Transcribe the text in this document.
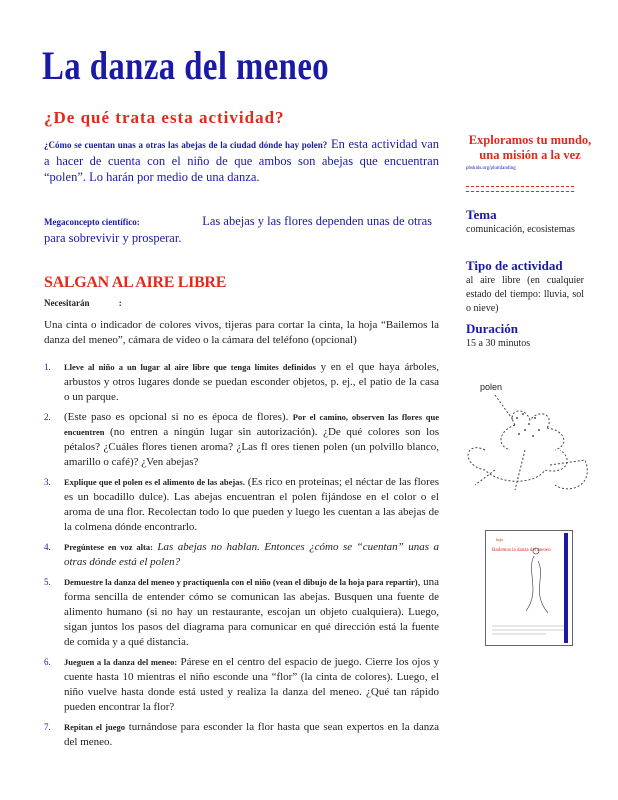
La danza del meneo
¿De qué trata esta actividad?
¿Cómo se cuentan unas a otras las abejas de la ciudad dónde hay polen? En esta actividad van a hacer de cuenta con el niño de que ambos son abejas que encuentran “polen”. Lo harán por medio de una danza.
Megaconcepto científico:	Las abejas y las flores dependen unas de otras para sobrevivir y prosperar.
SALGAN AL AIRE LIBRE
Necesitarán	:
Una cinta o indicador de colores vivos, tijeras para cortar la cinta, la hoja “Bailemos la danza del meneo”, cámara de video o la cámara del teléfono (opcional)
1. Lleve al niño a un lugar al aire libre que tenga límites definidos y en el que haya árboles, arbustos y otros lugares donde se puedan esconder objetos, p. ej., el patio de la casa o un parque.
2. (Este paso es opcional si no es época de flores). Por el camino, observen las flores que encuentren (no entren a ningún lugar sin autorización). ¿De qué colores son los pétalos? ¿Cuáles flores tienen aroma? ¿Las fl ores tienen polen (un polvillo blanco, amarillo o café)? ¿Ven abejas?
3. Explique que el polen es el alimento de las abejas. (Es rico en proteínas; el néctar de las flores es un bocadillo dulce). Las abejas encuentran el polen fijándose en el color o el aroma de una flor. Recolectan todo lo que pueden y luego les cuentan a las abejas de la colmena dónde encontrarlo.
4. Pregúntese en voz alta: Las abejas no hablan. Entonces ¿cómo se “cuentan” unas a otras dónde está el polen?
5. Demuestre la danza del meneo y practíquenla con el niño (vean el dibujo de la hoja para repartir), una forma sencilla de entender cómo se comunican las abejas. Busquen una fuente de alimento humano (si no hay un restaurante, escojan un objeto cualquiera). Luego, sigan juntos los pasos del diagrama para comunicar en qué dirección está la fuente de comida y a qué distancia.
6. Jueguen a la danza del meneo: Párese en el centro del espacio de juego. Cierre los ojos y cuente hasta 10 mientras el niño esconde una “flor” (la cinta de colores). Luego, el niño vuelve hasta donde está usted y realiza la danza del meneo. ¿Qué tan rápido pueden encontrar la flor?
7. Repitan el juego turnándose para esconder la flor hasta que sean expertos en la danza del meneo.
Exploramos tu mundo, una misión a la vez
pbskids.org/plumlanding
Tema
comunicación, ecosistemas
Tipo de actividad
al aire libre (en cualquier estado del tiempo: lluvia, sol o nieve)
Duración
15 a 30 minutos
polen
hoja
Bailemos la danza del meneo
